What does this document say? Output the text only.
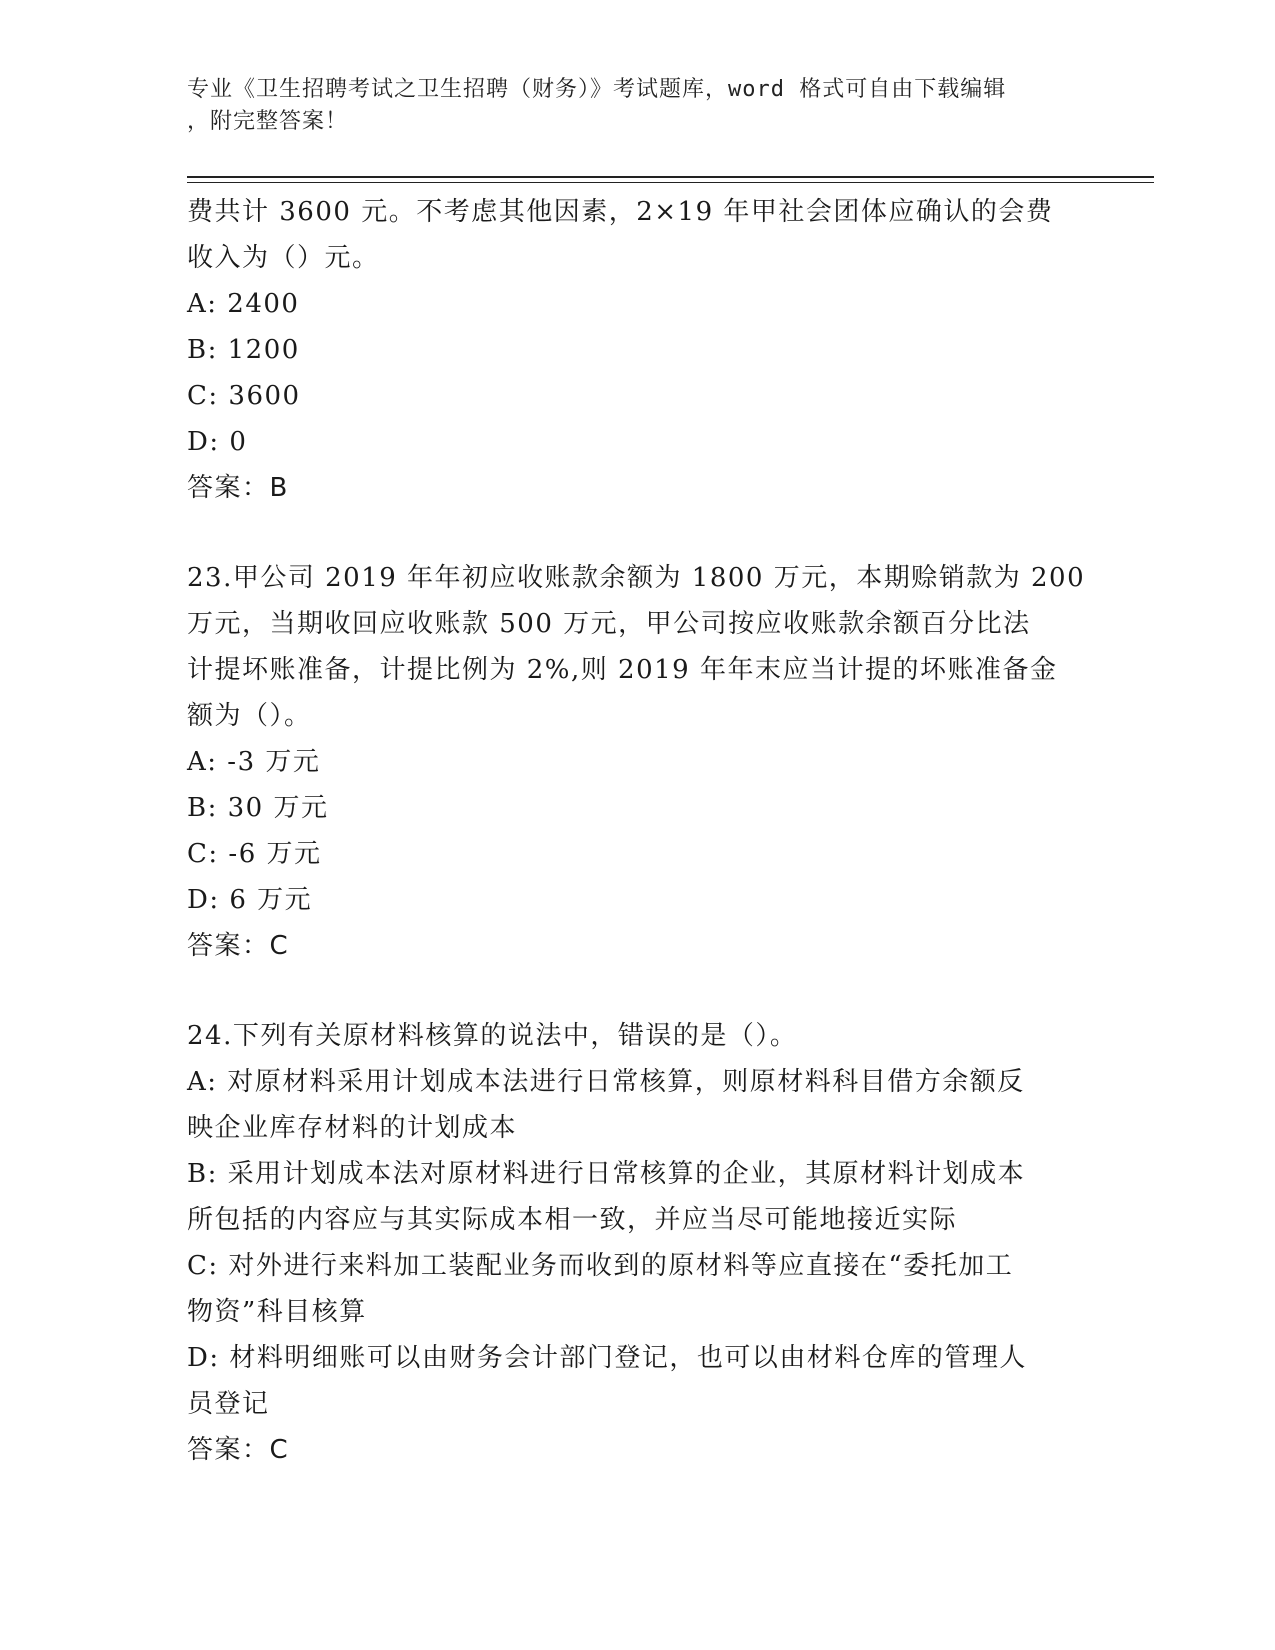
专业《卫生招聘考试之卫生招聘（财务）》考试题库，word 格式可自由下载编辑
，附完整答案！
费共计 3600 元。不考虑其他因素，2×19 年甲社会团体应确认的会费
收入为（）元。
A: 2400
B: 1200
C: 3600
D: 0
答案：B
23.甲公司 2019 年年初应收账款余额为 1800 万元，本期赊销款为 200
万元，当期收回应收账款 500 万元，甲公司按应收账款余额百分比法
计提坏账准备，计提比例为 2%,则 2019 年年末应当计提的坏账准备金
额为（）。
A: -3 万元
B: 30 万元
C: -6 万元
D: 6 万元
答案：C
24.下列有关原材料核算的说法中，错误的是（）。
A: 对原材料采用计划成本法进行日常核算，则原材料科目借方余额反
映企业库存材料的计划成本
B: 采用计划成本法对原材料进行日常核算的企业，其原材料计划成本
所包括的内容应与其实际成本相一致，并应当尽可能地接近实际
C: 对外进行来料加工装配业务而收到的原材料等应直接在“委托加工
物资”科目核算
D: 材料明细账可以由财务会计部门登记，也可以由材料仓库的管理人
员登记
答案：C
